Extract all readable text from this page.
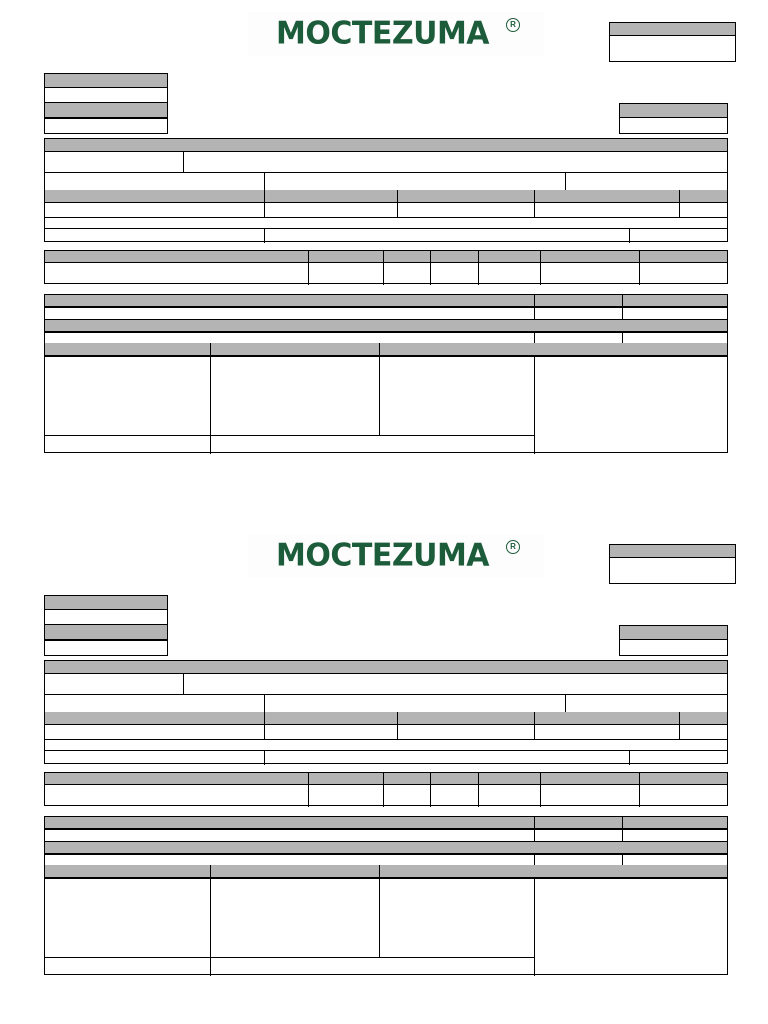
MOCTEZUMA	R
MOCTEZUMA	R
